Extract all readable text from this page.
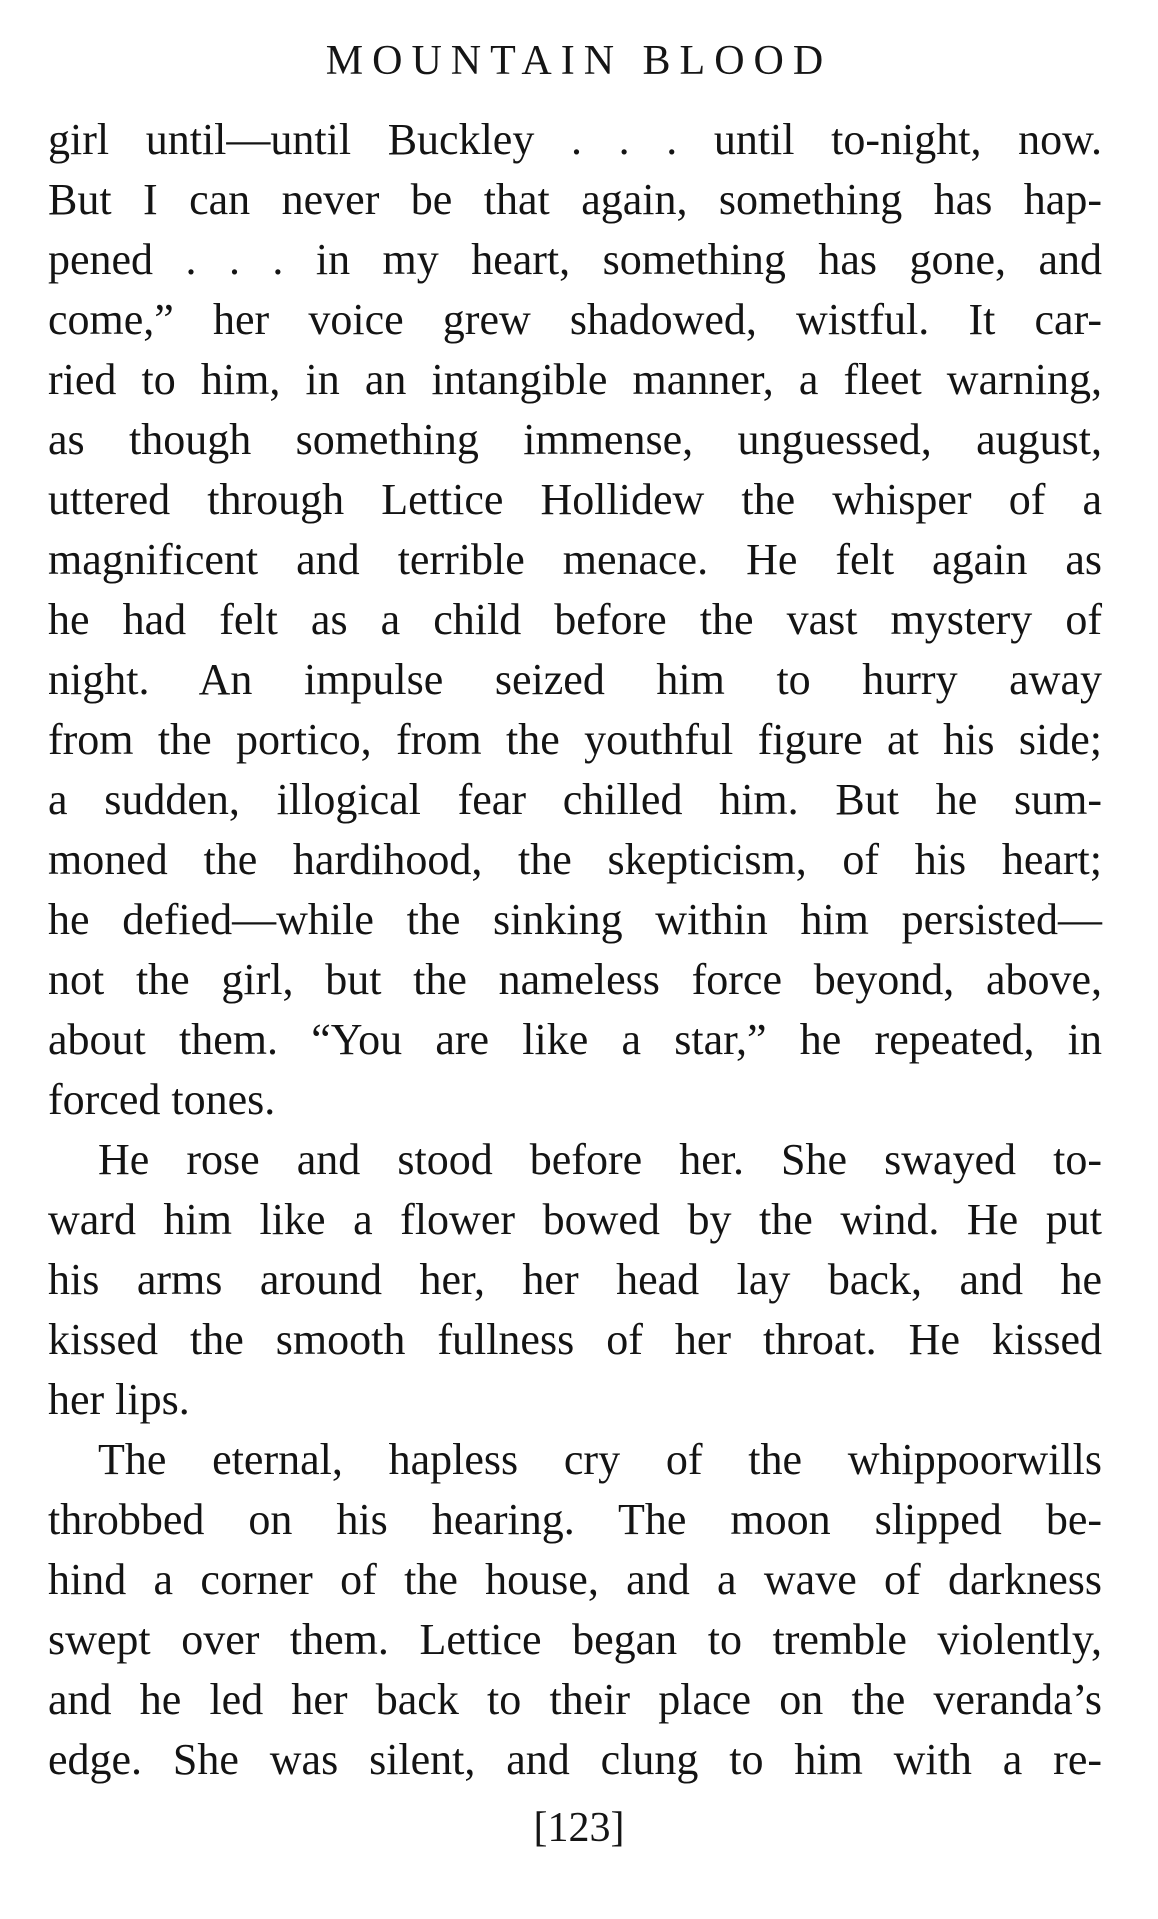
MOUNTAIN BLOOD
girl until—until Buckley . . . until to-night, now.
But I can never be that again, something has hap-
pened . . . in my heart, something has gone, and
come,” her voice grew shadowed, wistful. It car-
ried to him, in an intangible manner, a fleet warning,
as though something immense, unguessed, august,
uttered through Lettice Hollidew the whisper of a
magnificent and terrible menace. He felt again as
he had felt as a child before the vast mystery of
night. An impulse seized him to hurry away
from the portico, from the youthful figure at his side;
a sudden, illogical fear chilled him. But he sum-
moned the hardihood, the skepticism, of his heart;
he defied—while the sinking within him persisted—
not the girl, but the nameless force beyond, above,
about them. “You are like a star,” he repeated, in
forced tones.
He rose and stood before her. She swayed to-
ward him like a flower bowed by the wind. He put
his arms around her, her head lay back, and he
kissed the smooth fullness of her throat. He kissed
her lips.
The eternal, hapless cry of the whippoorwills
throbbed on his hearing. The moon slipped be-
hind a corner of the house, and a wave of darkness
swept over them. Lettice began to tremble violently,
and he led her back to their place on the veranda’s
edge. She was silent, and clung to him with a re-
[123]
